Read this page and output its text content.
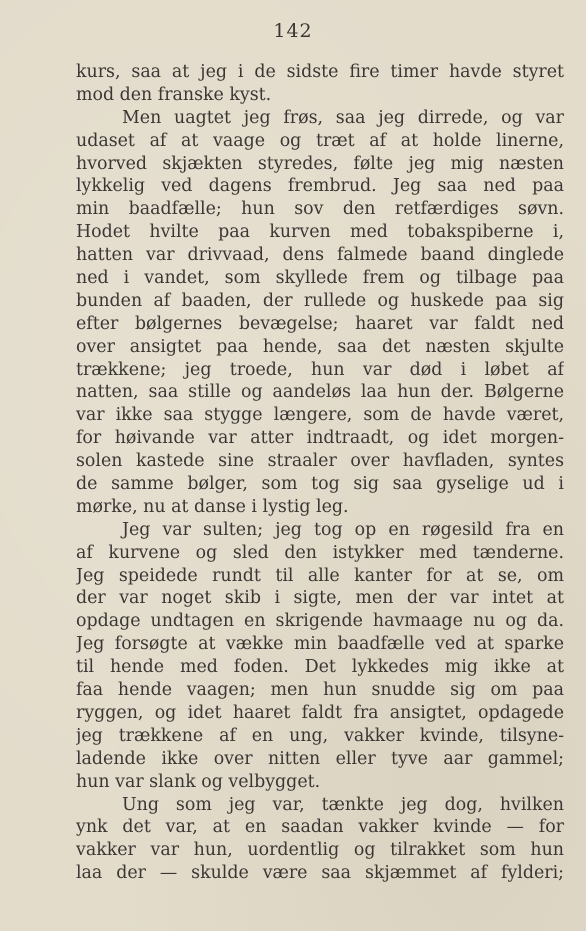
142
kurs, saa at jeg i de sidste fire timer havde styret
mod den franske kyst.
Men uagtet jeg frøs, saa jeg dirrede, og var
udaset af at vaage og træt af at holde linerne,
hvorved skjækten styredes, følte jeg mig næsten
lykkelig ved dagens frembrud. Jeg saa ned paa
min baadfælle; hun sov den retfærdiges søvn.
Hodet hvilte paa kurven med tobakspiberne i,
hatten var drivvaad, dens falmede baand dinglede
ned i vandet, som skyllede frem og tilbage paa
bunden af baaden, der rullede og huskede paa sig
efter bølgernes bevægelse; haaret var faldt ned
over ansigtet paa hende, saa det næsten skjulte
trækkene; jeg troede, hun var død i løbet af
natten, saa stille og aandeløs laa hun der. Bølgerne
var ikke saa stygge længere, som de havde været,
for høivande var atter indtraadt, og idet morgen-
solen kastede sine straaler over havfladen, syntes
de samme bølger, som tog sig saa gyselige ud i
mørke, nu at danse i lystig leg.
Jeg var sulten; jeg tog op en røgesild fra en
af kurvene og sled den istykker med tænderne.
Jeg speidede rundt til alle kanter for at se, om
der var noget skib i sigte, men der var intet at
opdage undtagen en skrigende havmaage nu og da.
Jeg forsøgte at vække min baadfælle ved at sparke
til hende med foden. Det lykkedes mig ikke at
faa hende vaagen; men hun snudde sig om paa
ryggen, og idet haaret faldt fra ansigtet, opdagede
jeg trækkene af en ung, vakker kvinde, tilsyne-
ladende ikke over nitten eller tyve aar gammel;
hun var slank og velbygget.
Ung som jeg var, tænkte jeg dog, hvilken
ynk det var, at en saadan vakker kvinde — for
vakker var hun, uordentlig og tilrakket som hun
laa der — skulde være saa skjæmmet af fylderi;
